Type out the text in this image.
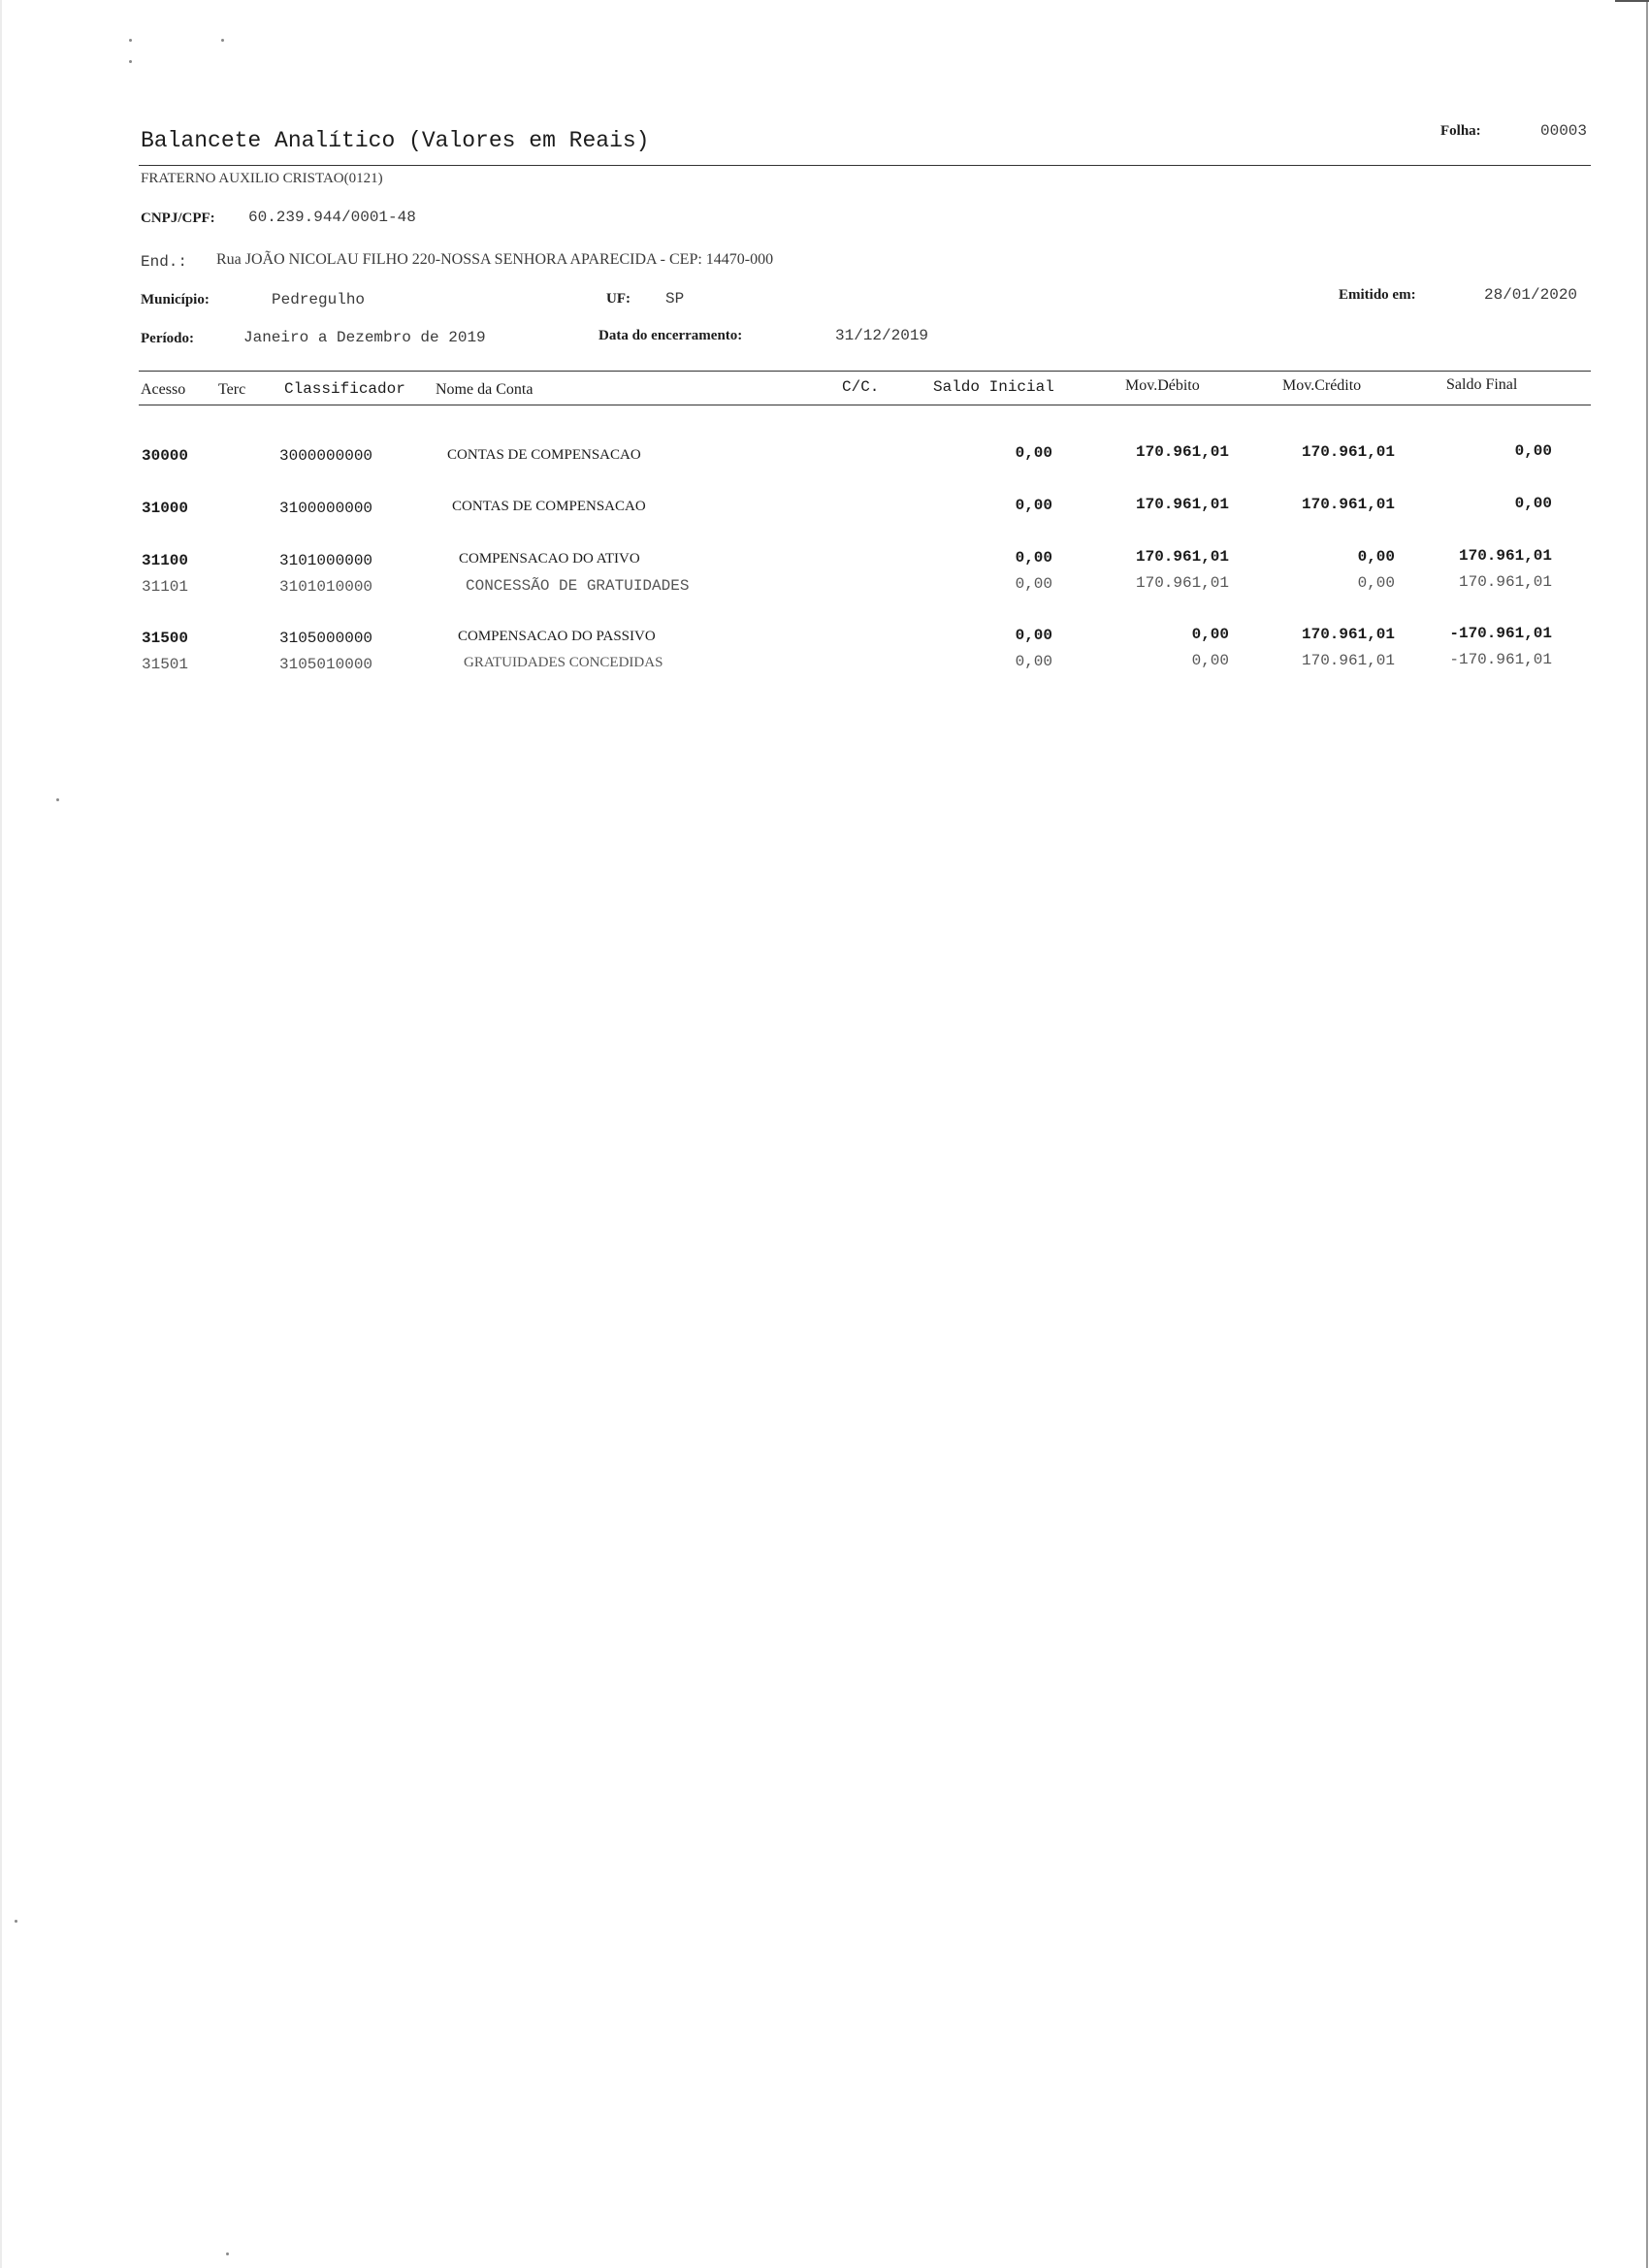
Balancete Analítico (Valores em Reais)	Folha:	00003
FRATERNO AUXILIO CRISTAO(0121)
CNPJ/CPF: 60.239.944/0001-48
End.: Rua JOÃO NICOLAU FILHO 220-NOSSA SENHORA APARECIDA - CEP: 14470-000
Município:	Pedregulho	UF: SP	Emitido em:	28/01/2020
Período:	Janeiro a Dezembro de 2019	Data do encerramento:	31/12/2019
Acesso Terc Classificador Nome da Conta	C/C.	Saldo Inicial	Mov.Débito	Mov.Crédito	Saldo Final
30000	3000000000	CONTAS DE COMPENSACAO	0,00	170.961,01	170.961,01	0,00
31000	3100000000	CONTAS DE COMPENSACAO	0,00	170.961,01	170.961,01	0,00
31100	3101000000	COMPENSACAO DO ATIVO	0,00	170.961,01	0,00	170.961,01
31101	3101010000	CONCESSÃO DE GRATUIDADES	0,00	170.961,01	0,00	170.961,01
31500	3105000000	COMPENSACAO DO PASSIVO	0,00	0,00	170.961,01	-170.961,01
31501	3105010000	GRATUIDADES CONCEDIDAS	0,00	0,00	170.961,01	-170.961,01
